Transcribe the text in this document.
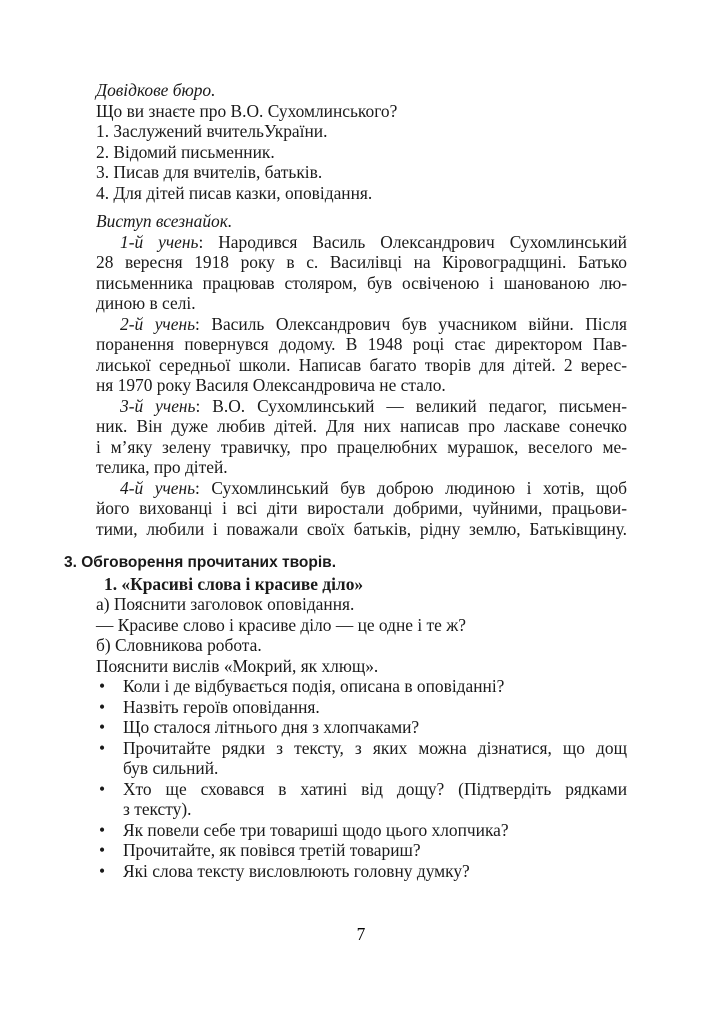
Довідкове бюро.
Що ви знаєте про В.О. Сухомлинського?
1. Заслужений вчительУкраїни.
2. Відомий письменник.
3. Писав для вчителів, батьків.
4. Для дітей писав казки, оповідання.
Виступ всезнайок.
1-й учень: Народився Василь Олександрович Сухомлинський
28 вересня 1918 року в с. Василівці на Кіровоградщині. Батько
письменника працював столяром, був освіченою і шанованою лю-
диною в селі.
2-й учень: Василь Олександрович був учасником війни. Після
поранення повернувся додому. В 1948 році стає директором Пав-
лиської середньої школи. Написав багато творів для дітей. 2 верес-
ня 1970 року Василя Олександровича не стало.
3-й учень: В.О. Сухомлинський — великий педагог, письмен-
ник. Він дуже любив дітей. Для них написав про ласкаве сонечко
і м’яку зелену травичку, про працелюбних мурашок, веселого ме-
телика, про дітей.
4-й учень: Сухомлинський був доброю людиною і хотів, щоб
його вихованці і всі діти виростали добрими, чуйними, працьови-
тими, любили і поважали своїх батьків, рідну землю, Батьківщину.
3. Обговорення прочитаних творів.
1. «Красиві слова і красиве діло»
а) Пояснити заголовок оповідання.
— Красиве слово і красиве діло — це одне і те ж?
б) Словникова робота.
Пояснити вислів «Мокрий, як хлющ».
• Коли і де відбувається подія, описана в оповіданні?
• Назвіть героїв оповідання.
• Що сталося літнього дня з хлопчаками?
• Прочитайте рядки з тексту, з яких можна дізнатися, що дощ
був сильний.
• Хто ще сховався в хатині від дощу? (Підтвердіть рядками
з тексту).
• Як повели себе три товариші щодо цього хлопчика?
• Прочитайте, як повівся третій товариш?
• Які слова тексту висловлюють головну думку?
7
